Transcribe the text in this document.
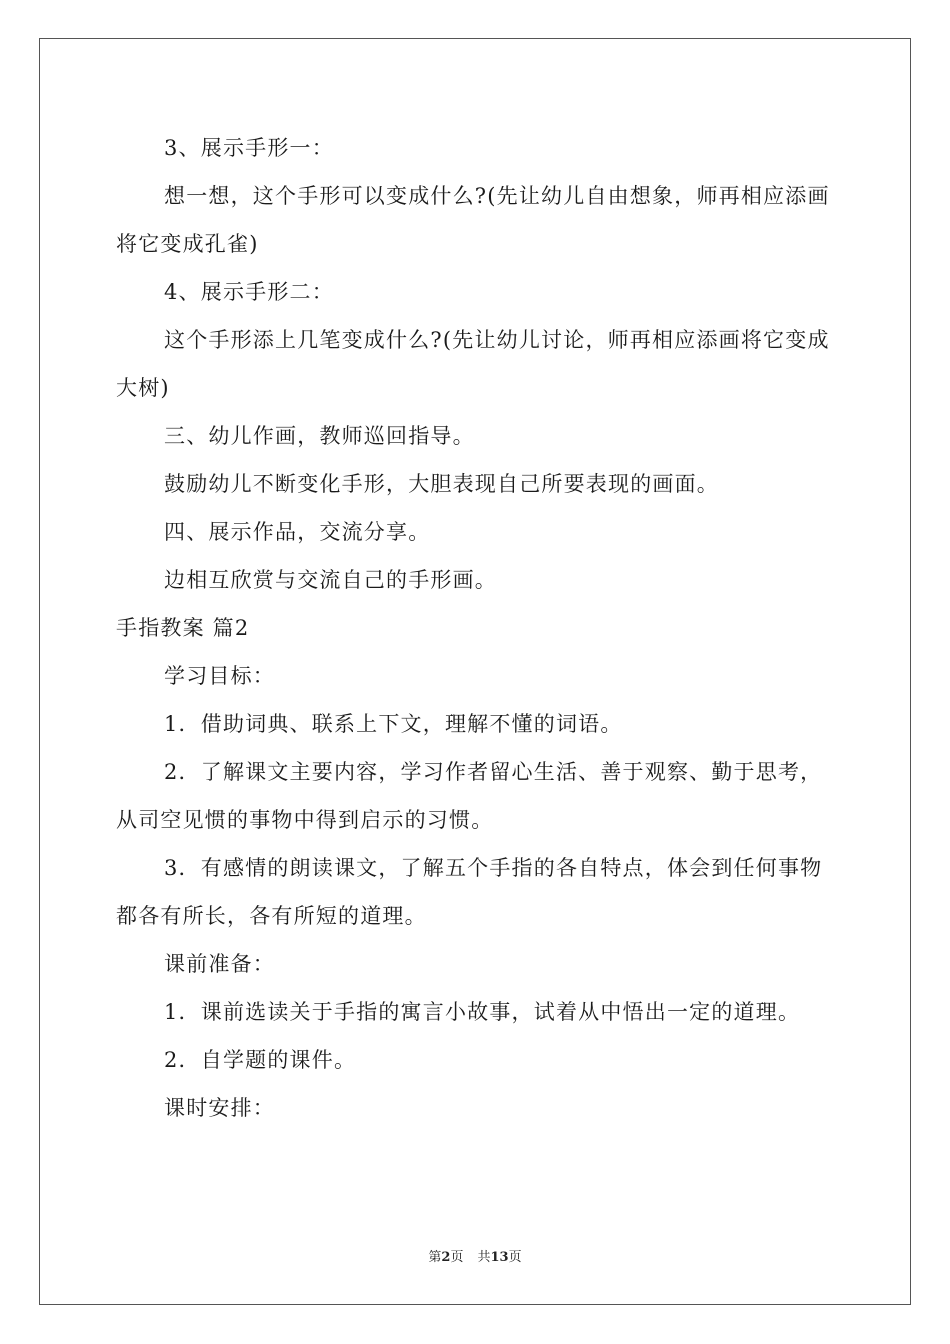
3、展示手形一：

想一想，这个手形可以变成什么?(先让幼儿自由想象，师再相应添画将它变成孔雀)

4、展示手形二：

这个手形添上几笔变成什么?(先让幼儿讨论，师再相应添画将它变成大树)

三、幼儿作画，教师巡回指导。

鼓励幼儿不断变化手形，大胆表现自己所要表现的画面。

四、展示作品，交流分享。

边相互欣赏与交流自己的手形画。

手指教案 篇2

学习目标：

1．借助词典、联系上下文，理解不懂的词语。

2．了解课文主要内容，学习作者留心生活、善于观察、勤于思考，从司空见惯的事物中得到启示的习惯。

3．有感情的朗读课文，了解五个手指的各自特点，体会到任何事物都各有所长，各有所短的道理。

课前准备：

1．课前选读关于手指的寓言小故事，试着从中悟出一定的道理。

2．自学题的课件。

课时安排：

第2页 共13页
